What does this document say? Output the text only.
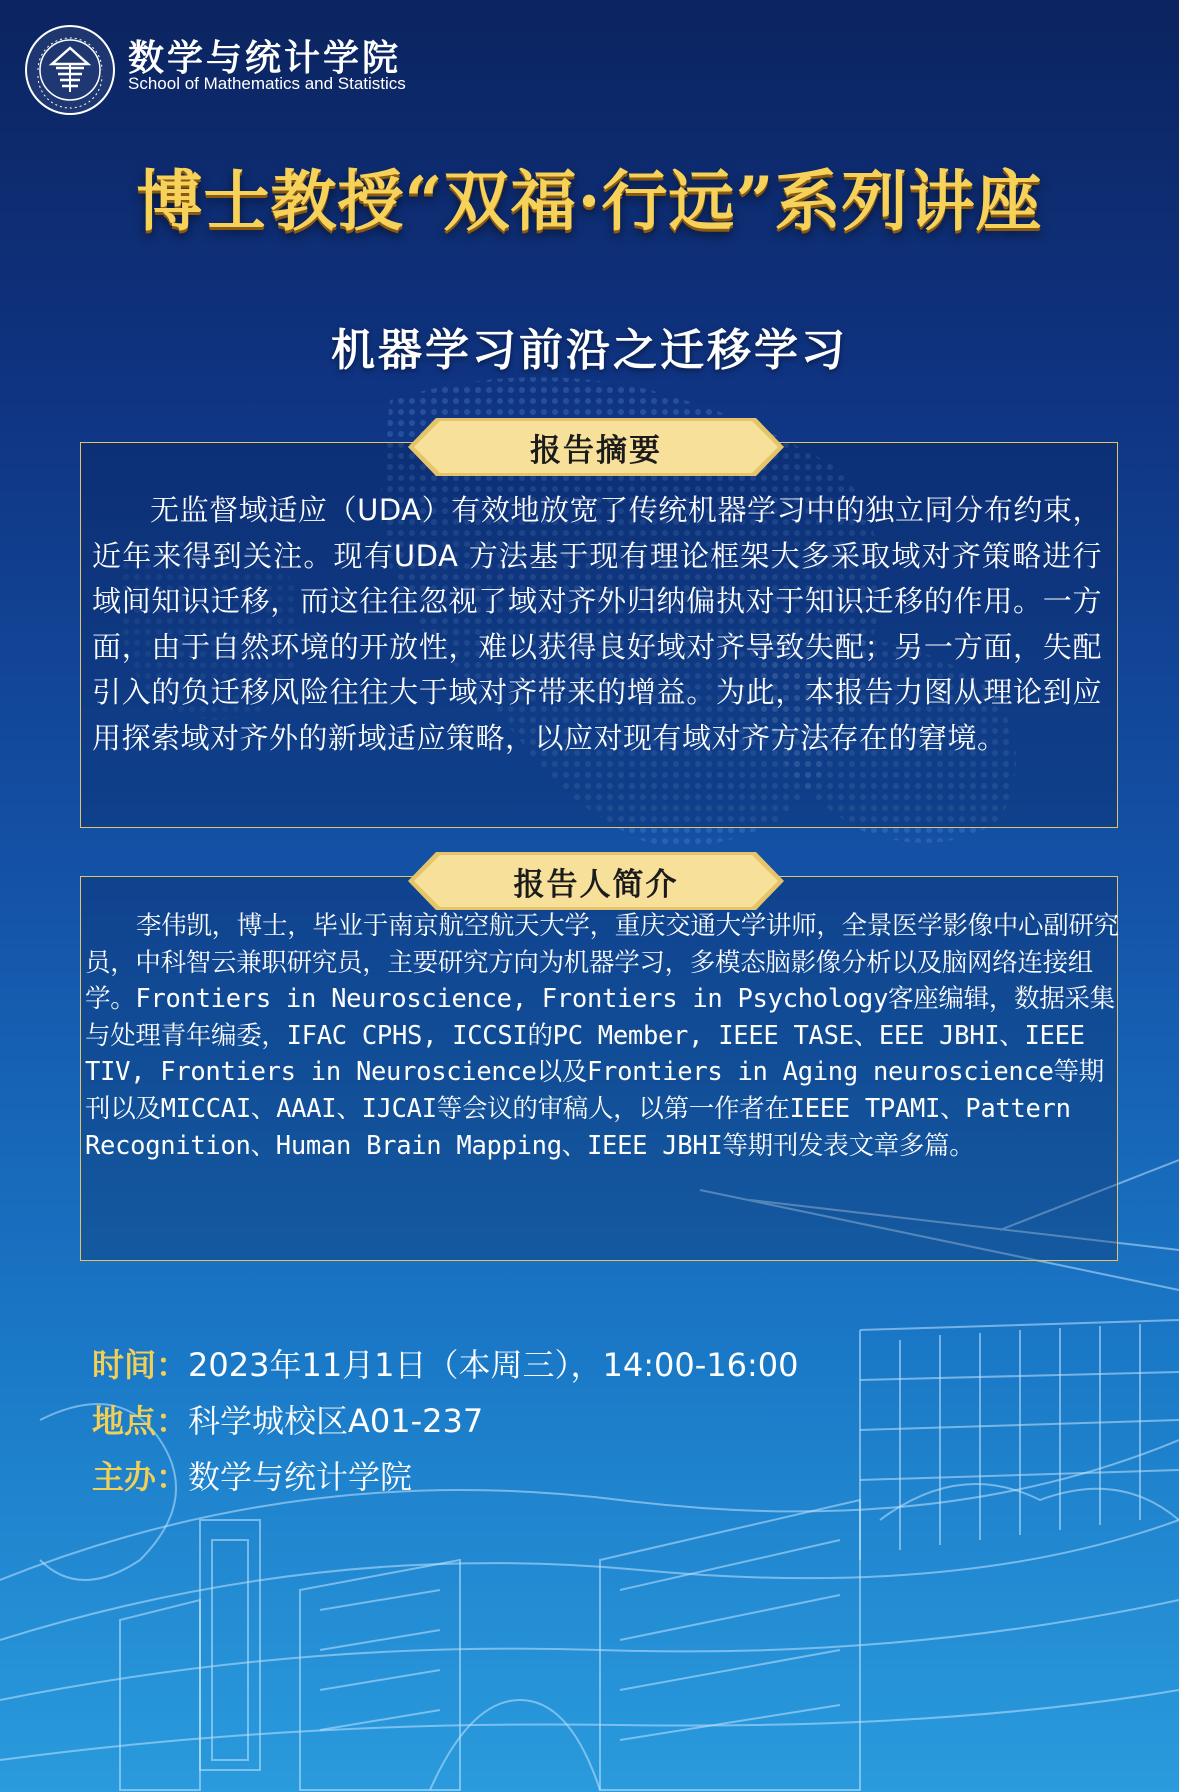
数学与统计学院
School of Mathematics and Statistics
博士教授“双福·行远”系列讲座
机器学习前沿之迁移学习
报告摘要
无监督域适应（UDA）有效地放宽了传统机器学习中的独立同分布约束，近年来得到关注。现有UDA 方法基于现有理论框架大多采取域对齐策略进行域间知识迁移，而这往往忽视了域对齐外归纳偏执对于知识迁移的作用。一方面，由于自然环境的开放性，难以获得良好域对齐导致失配；另一方面，失配引入的负迁移风险往往大于域对齐带来的增益。为此，本报告力图从理论到应用探索域对齐外的新域适应策略，以应对现有域对齐方法存在的窘境。
报告人简介
李伟凯，博士，毕业于南京航空航天大学，重庆交通大学讲师，全景医学影像中心副研究员，中科智云兼职研究员，主要研究方向为机器学习，多模态脑影像分析以及脑网络连接组学。Frontiers in Neuroscience, Frontiers in Psychology客座编辑，数据采集与处理青年编委，IFAC CPHS, ICCSI的PC Member, IEEE TASE、EEE JBHI、IEEE TIV, Frontiers in Neuroscience以及Frontiers in Aging neuroscience等期刊以及MICCAI、AAAI、IJCAI等会议的审稿人，以第一作者在IEEE TPAMI、Pattern Recognition、Human Brain Mapping、IEEE JBHI等期刊发表文章多篇。
时间：2023年11月1日（本周三），14:00-16:00
地点：科学城校区A01-237
主办：数学与统计学院
